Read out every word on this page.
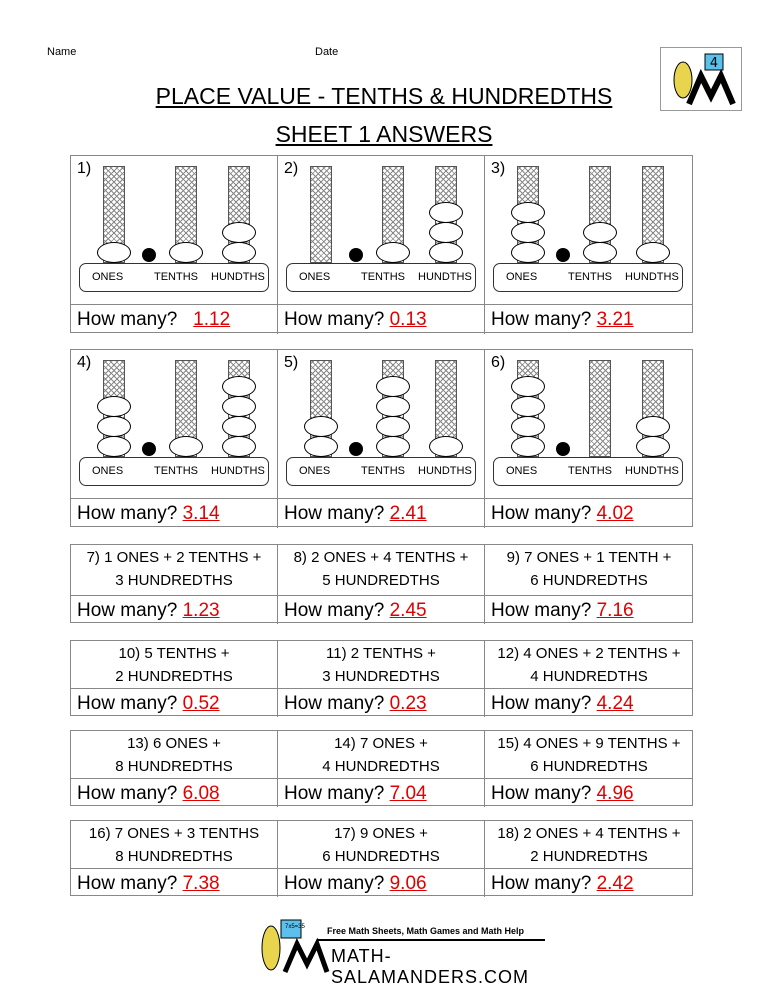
Name	Date
PLACE VALUE - TENTHS & HUNDREDTHS
SHEET 1 ANSWERS
4
7x5=35 Free Math Sheets, Math Games and Math Help
MATH-SALAMANDERS.COM
1)
ONES	TENTHS HUNDTHS
How many? 1.12
2)
ONES	TENTHS HUNDTHS
How many? 0.13
3)
ONES	TENTHS HUNDTHS
How many? 3.21
4)
ONES	TENTHS HUNDTHS
How many? 3.14
5)
ONES	TENTHS HUNDTHS
How many? 2.41
6)
ONES	TENTHS HUNDTHS
How many? 4.02
7) 1 ONES + 2 TENTHS +
3 HUNDREDTHS
How many? 1.23
8) 2 ONES + 4 TENTHS +
5 HUNDREDTHS
How many? 2.45
9) 7 ONES + 1 TENTH +
6 HUNDREDTHS
How many? 7.16
10) 5 TENTHS +
2 HUNDREDTHS
How many? 0.52
11) 2 TENTHS +
3 HUNDREDTHS
How many? 0.23
12) 4 ONES + 2 TENTHS +
4 HUNDREDTHS
How many? 4.24
13) 6 ONES +
8 HUNDREDTHS
How many? 6.08
14) 7 ONES +
4 HUNDREDTHS
How many? 7.04
15) 4 ONES + 9 TENTHS +
6 HUNDREDTHS
How many? 4.96
16) 7 ONES + 3 TENTHS
8 HUNDREDTHS
How many? 7.38
17) 9 ONES +
6 HUNDREDTHS
How many? 9.06
18) 2 ONES + 4 TENTHS +
2 HUNDREDTHS
How many? 2.42
